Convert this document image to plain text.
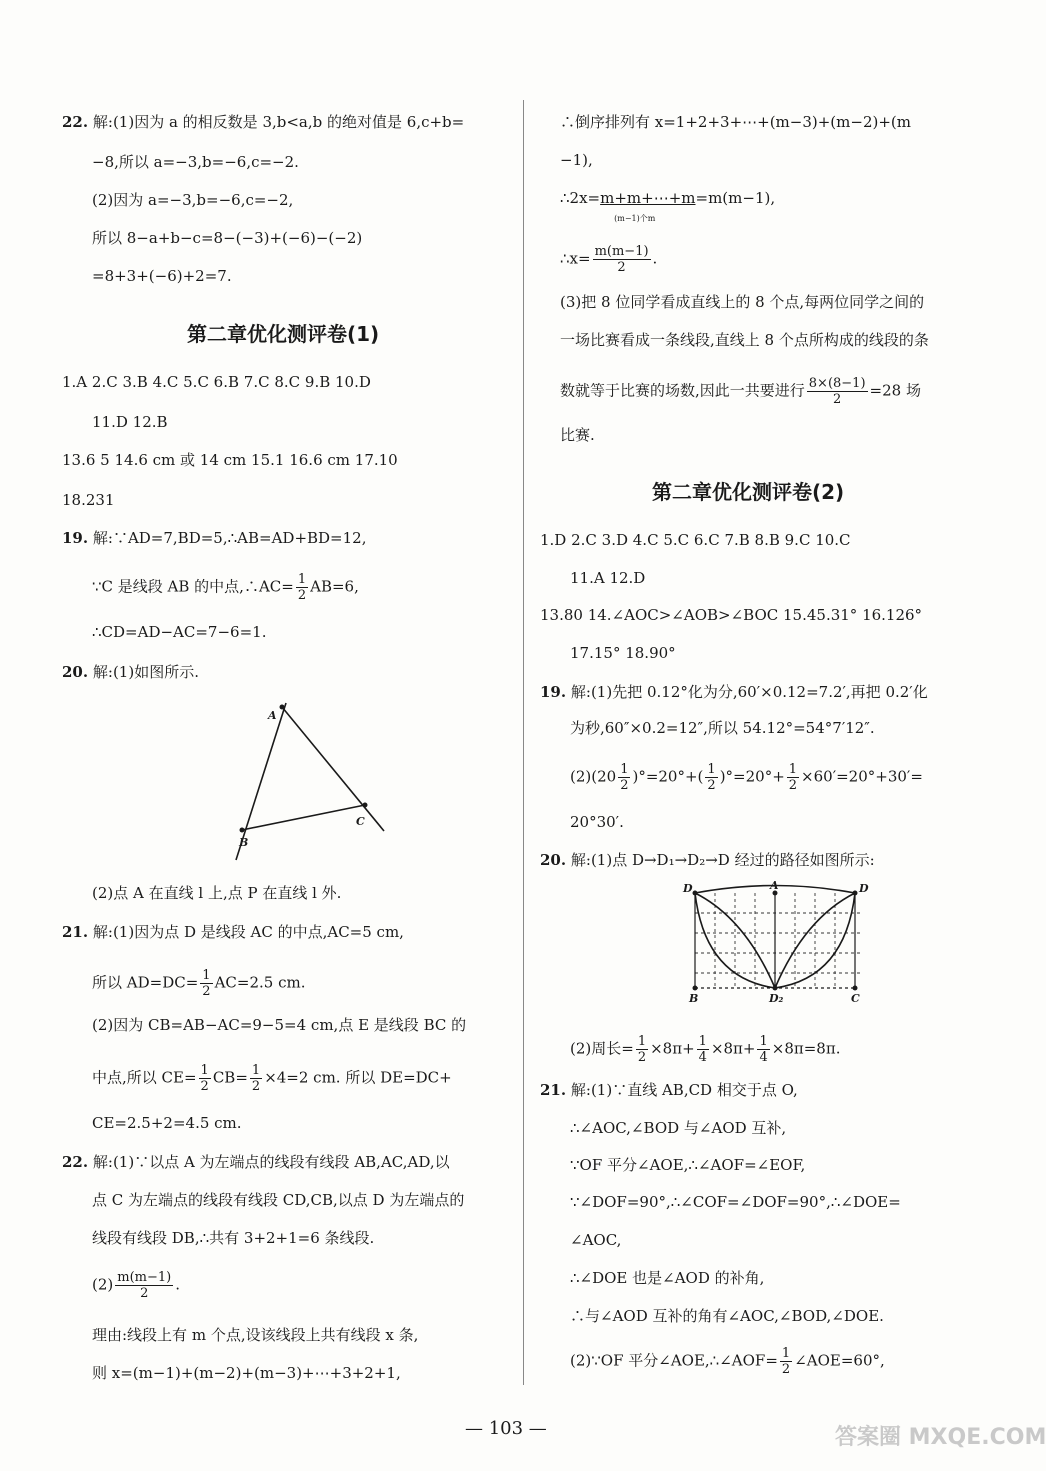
22. 解:(1)因为 a 的相反数是 3,b<a,b 的绝对值是 6,c+b=
−8,所以 a=−3,b=−6,c=−2.
(2)因为 a=−3,b=−6,c=−2,
所以 8−a+b−c=8−(−3)+(−6)−(−2)
=8+3+(−6)+2=7.
第二章优化测评卷(1)
1.A 2.C 3.B 4.C 5.C 6.B 7.C 8.C 9.B 10.D
11.D 12.B
13.6 5 14.6 cm 或 14 cm 15.1 16.6 cm 17.10
18.231
19. 解:∵AD=7,BD=5,∴AB=AD+BD=12,
∵C 是线段 AB 的中点,∴AC= $\frac{1}{2} AB=6$,
∴CD=AD−AC=7−6=1.
20. 解:(1)如图所示.
A
B
C
(2)点 A 在直线 l 上,点 P 在直线 l 外.
21. 解:(1)因为点 D 是线段 AC 的中点,AC=5 cm,
所以 $AD=DC= \frac{1}{2} AC=2.5$ cm.
(2)因为 CB=AB−AC=9−5=4 cm,点 E 是线段 BC 的
中点,所以 $CE= \frac{1}{2} CB= \frac{1}{2} \times 4=2$ cm. 所以 DE=DC+
CE=2.5+2=4.5 cm.
22. 解:(1)∵以点 A 为左端点的线段有线段 AB,AC,AD,以
点 C 为左端点的线段有线段 CD,CB,以点 D 为左端点的
线段有线段 DB,∴共有 3+2+1=6 条线段.
$(2) \frac{m(m-1)}{2}$ .
理由:线段上有 m 个点,设该线段上共有线段 x 条,
则 x=(m−1)+(m−2)+(m−3)+⋯+3+2+1,
∴倒序排列有 x=1+2+3+⋯+(m−3)+(m−2)+(m
−1),
∴2x=m+m+⋯+m
(m−1)个m
=m(m−1),
∴x= $\frac{m(m-1)}{2}$ .
(3)把 8 位同学看成直线上的 8 个点,每两位同学之间的
一场比赛看成一条线段,直线上 8 个点所构成的线段的条
数就等于比赛的场数,因此一共要进行 $\frac{8\times(8-1)}{2} =28$ 场
比赛.
第二章优化测评卷(2)
1.D 2.C 3.D 4.C 5.C 6.C 7.B 8.B 9.C 10.C
11.A 12.D
13.80 14.∠AOC>∠AOB>∠BOC 15.45.31° 16.126°
17.15° 18.90°
19. 解:(1)先把 0.12°化为分,60′×0.12=7.2′,再把 0.2′化
为秒,60″×0.2=12″,所以 54.12°=54°7′12″.
$(2)(20 \frac{1}{2} )^\circ=20^\circ+( \frac{1}{2} )^\circ=20^\circ+ \frac{1}{2} \times 60'=20^\circ+30'=$
20°30′.
20. 解:(1)点 D→D₁→D₂→D 经过的路径如图所示:
D	A	D
B	D₂	C
(2)周长= $\frac{1}{2} \times 8\pi+ \frac{1}{4} \times 8\pi+ \frac{1}{4} \times 8\pi=8\pi$.
21. 解:(1)∵直线 AB,CD 相交于点 O,
∴∠AOC,∠BOD 与∠AOD 互补,
∵OF 平分∠AOE,∴∠AOF=∠EOF,
∵∠DOF=90°,∴∠COF=∠DOF=90°,∴∠DOE=
∠AOC,
∴∠DOE 也是∠AOD 的补角,
∴与∠AOD 互补的角有∠AOC,∠BOD,∠DOE.
(2)∵OF 平分∠AOE,∴∠AOF= $\frac{1}{2}$ ∠AOE=60°,
— 103 —	答案圈 MXQE.COM
